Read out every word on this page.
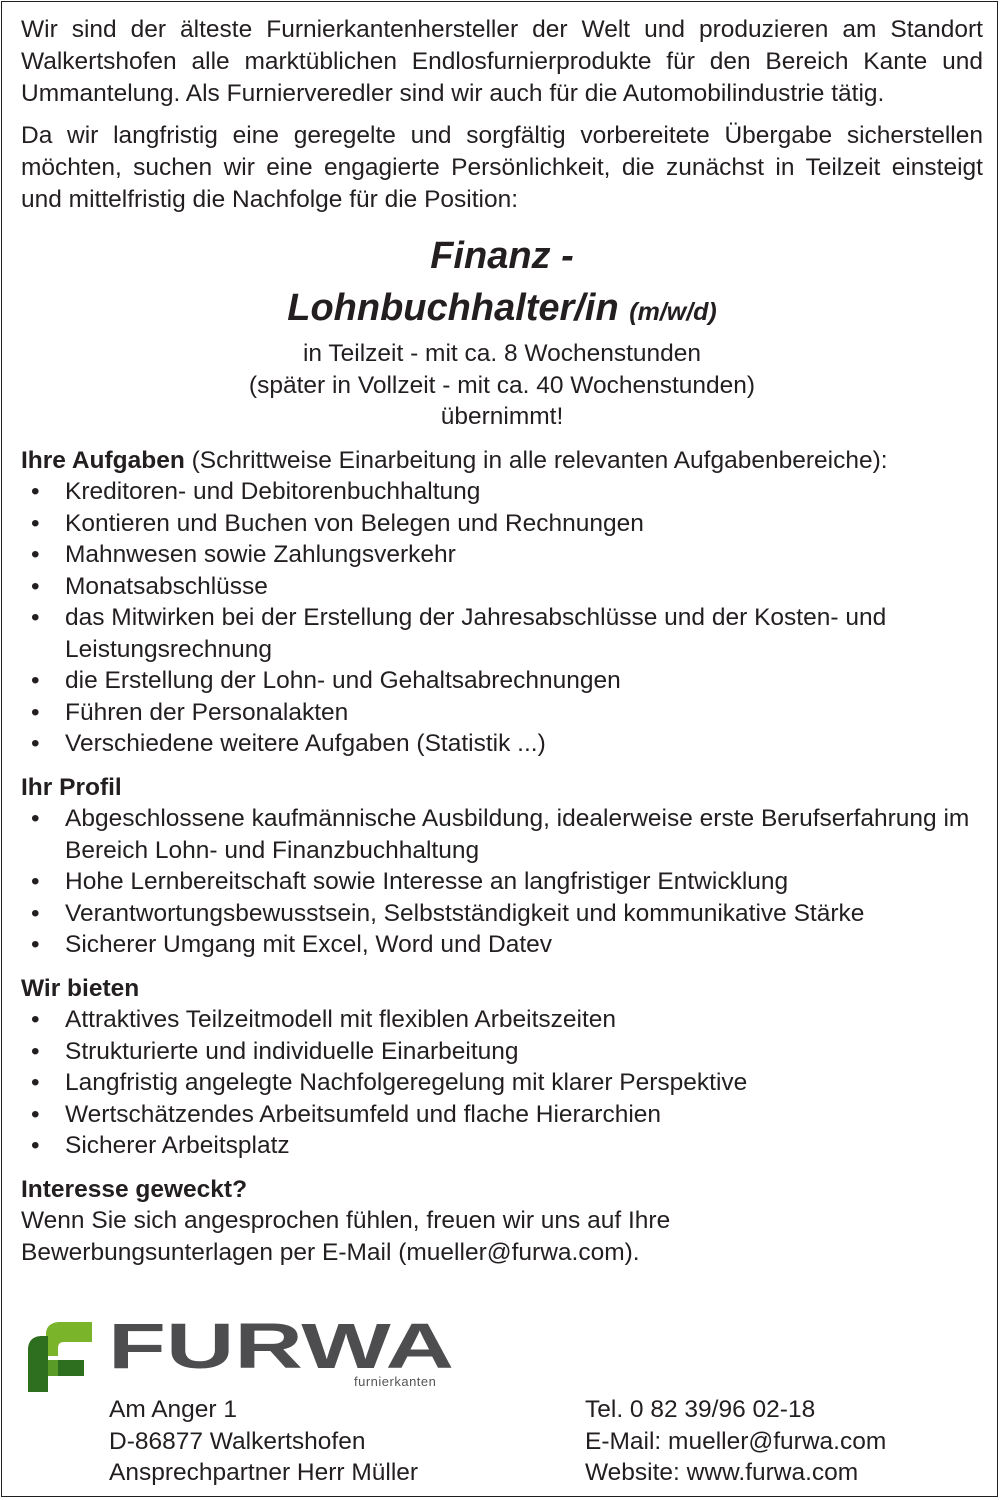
Wir sind der älteste Furnierkantenhersteller der Welt und produzieren am Standort Walkertshofen alle marktüblichen Endlosfurnierprodukte für den Bereich Kante und Ummantelung. Als Furnierveredler sind wir auch für die Automobilindustrie tätig.

Da wir langfristig eine geregelte und sorgfältig vorbereitete Übergabe sicherstellen möchten, suchen wir eine engagierte Persönlichkeit, die zunächst in Teilzeit einsteigt und mittelfristig die Nachfolge für die Position:

Finanz -
Lohnbuchhalter/in (m/w/d)
in Teilzeit - mit ca. 8 Wochenstunden
(später in Vollzeit - mit ca. 40 Wochenstunden)
übernimmt!
Ihre Aufgaben (Schrittweise Einarbeitung in alle relevanten Aufgabenbereiche):
• Kreditoren- und Debitorenbuchhaltung
• Kontieren und Buchen von Belegen und Rechnungen
• Mahnwesen sowie Zahlungsverkehr
• Monatsabschlüsse
• das Mitwirken bei der Erstellung der Jahresabschlüsse und der Kosten- und Leistungsrechnung
• die Erstellung der Lohn- und Gehaltsabrechnungen
• Führen der Personalakten
• Verschiedene weitere Aufgaben (Statistik ...)
Ihr Profil
• Abgeschlossene kaufmännische Ausbildung, idealerweise erste Berufserfahrung im Bereich Lohn- und Finanzbuchhaltung
• Hohe Lernbereitschaft sowie Interesse an langfristiger Entwicklung
• Verantwortungsbewusstsein, Selbstständigkeit und kommunikative Stärke
• Sicherer Umgang mit Excel, Word und Datev
Wir bieten
• Attraktives Teilzeitmodell mit flexiblen Arbeitszeiten
• Strukturierte und individuelle Einarbeitung
• Langfristig angelegte Nachfolgeregelung mit klarer Perspektive
• Wertschätzendes Arbeitsumfeld und flache Hierarchien
• Sicherer Arbeitsplatz
Interesse geweckt?
Wenn Sie sich angesprochen fühlen, freuen wir uns auf Ihre
Bewerbungsunterlagen per E-Mail (mueller@furwa.com).
FURWA
furnierkanten
Am Anger 1
D-86877 Walkertshofen
Ansprechpartner Herr Müller
Tel. 0 82 39/96 02-18
E-Mail: mueller@furwa.com
Website: www.furwa.com
